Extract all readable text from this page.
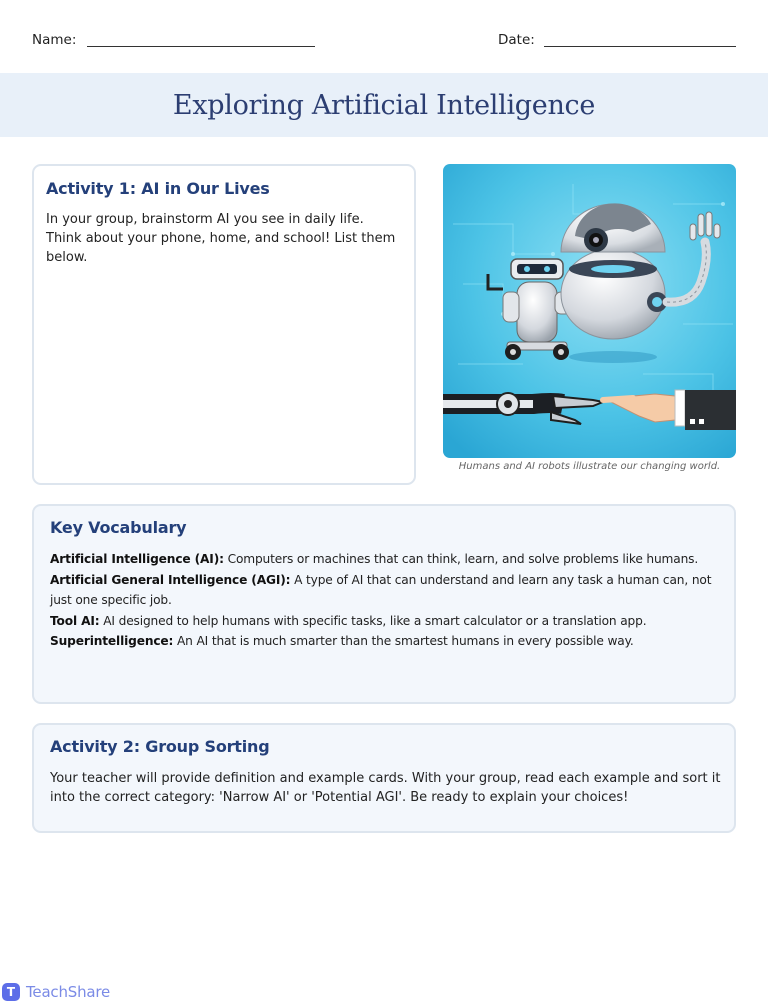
Name:	Date:
Exploring Artificial Intelligence
Activity 1: AI in Our Lives

In your group, brainstorm AI you see in daily life. Think about your phone, home, and school! List them below.

Humans and AI robots illustrate our changing world.
Key Vocabulary
Artificial Intelligence (AI): Computers or machines that can think, learn, and solve problems like humans.
Artificial General Intelligence (AGI): A type of AI that can understand and learn any task a human can, not just one specific job.
Tool AI: AI designed to help humans with specific tasks, like a smart calculator or a translation app.
Superintelligence: An AI that is much smarter than the smartest humans in every possible way.
Activity 2: Group Sorting

Your teacher will provide definition and example cards. With your group, read each example and sort it into the correct category: 'Narrow AI' or 'Potential AGI'. Be ready to explain your choices!

T TeachShare
